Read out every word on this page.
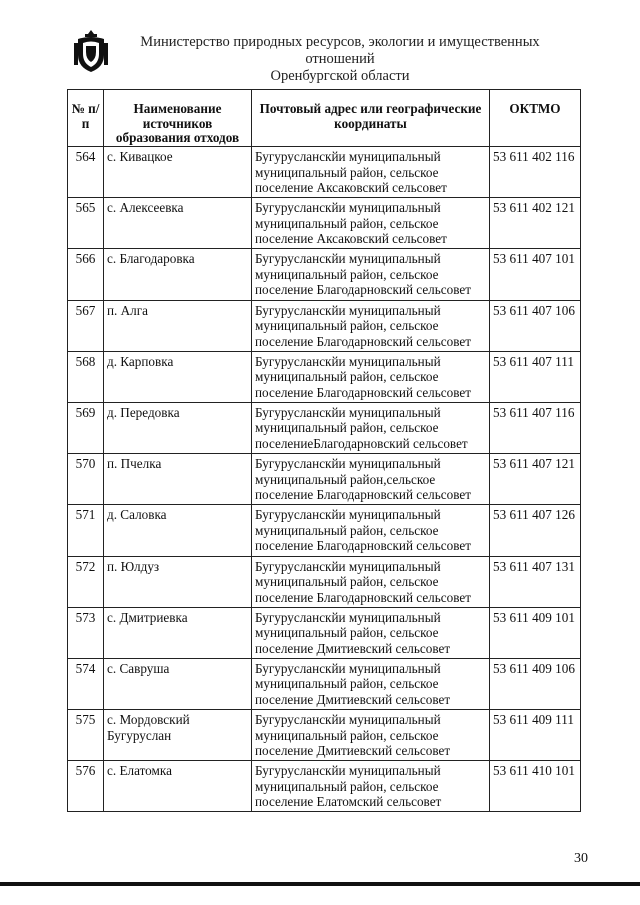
Министерство природных ресурсов, экологии и имущественных отношений
Оренбургской области
№ п/п	Наименование источников образования отходов	Почтовый адрес или географические координаты	ОКТМО
564	с. Кивацкое	Бугурусланскйи муниципальный муниципальный район, сельское поселение Аксаковский сельсовет	53 611 402 116
565	с. Алексеевка	Бугурусланскйи муниципальный муниципальный район, сельское поселение Аксаковский сельсовет	53 611 402 121
566	с. Благодаровка	Бугурусланскйи муниципальный муниципальный район, сельское поселение Благодарновский сельсовет	53 611 407 101
567	п. Алга	Бугурусланскйи муниципальный муниципальный район, сельское поселение Благодарновский сельсовет	53 611 407 106
568	д. Карповка	Бугурусланскйи муниципальный муниципальный район, сельское поселение Благодарновский сельсовет	53 611 407 111
569	д. Передовка	Бугурусланскйи муниципальный муниципальный район, сельское поселениеБлагодарновский сельсовет	53 611 407 116
570	п. Пчелка	Бугурусланскйи муниципальный муниципальный район,сельское поселение Благодарновский сельсовет	53 611 407 121
571	д. Саловка	Бугурусланскйи муниципальный муниципальный район, сельское поселение Благодарновский сельсовет	53 611 407 126
572	п. Юлдуз	Бугурусланскйи муниципальный муниципальный район, сельское поселение Благодарновский сельсовет	53 611 407 131
573	с. Дмитриевка	Бугурусланскйи муниципальный муниципальный район, сельское поселение Дмитиевский сельсовет	53 611 409 101
574	с. Савруша	Бугурусланскйи муниципальный муниципальный район, сельское поселение Дмитиевский сельсовет	53 611 409 106
575	с. Мордовский Бугуруслан	Бугурусланскйи муниципальный муниципальный район, сельское поселение Дмитиевский сельсовет	53 611 409 111
576	с. Елатомка	Бугурусланскйи муниципальный муниципальный район, сельское поселение Елатомский сельсовет	53 611 410 101
30
